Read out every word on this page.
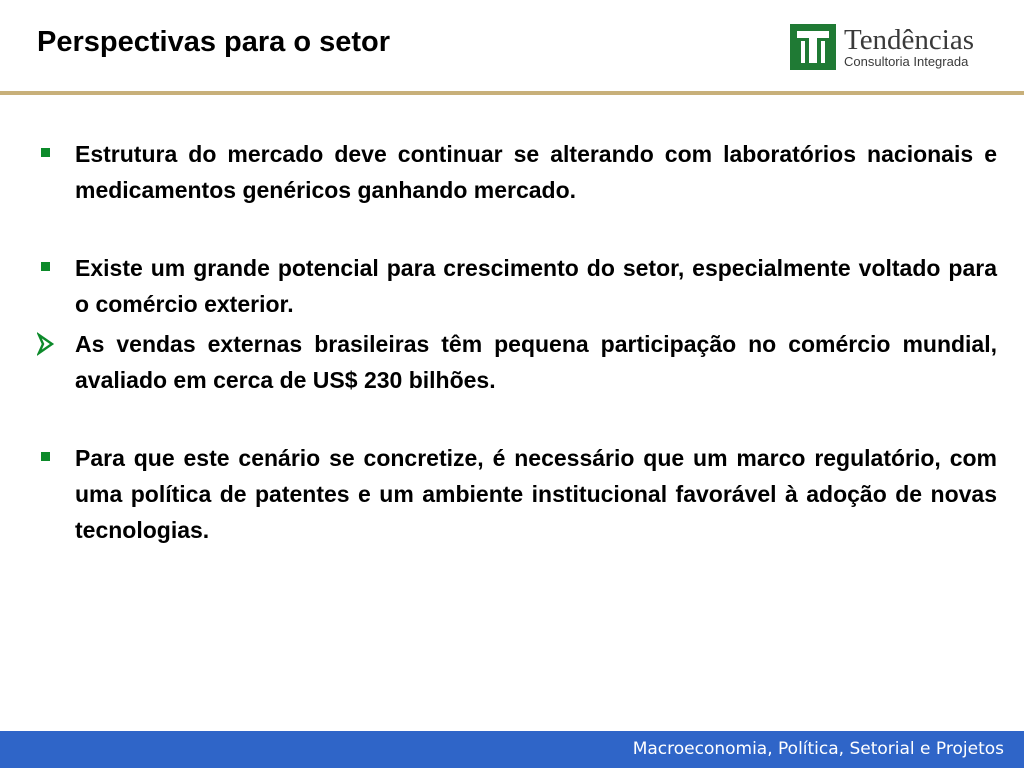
Perspectivas para o setor	Tendências
Consultoria Integrada
Estrutura do mercado deve continuar se alterando com laboratórios nacionais e medicamentos genéricos ganhando mercado.
Existe um grande potencial para crescimento do setor, especialmente voltado para o comércio exterior.
As vendas externas brasileiras têm pequena participação no comércio mundial, avaliado em cerca de US$ 230 bilhões.
Para que este cenário se concretize, é necessário que um marco regulatório, com uma política de patentes e um ambiente institucional favorável à adoção de novas tecnologias.
Macroeconomia, Política, Setorial e Projetos
